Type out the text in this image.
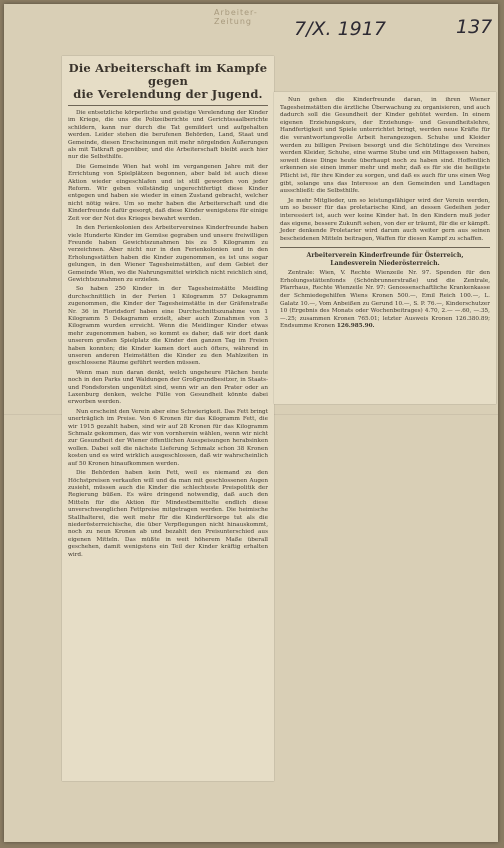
Arbeiter-Zeitung	7/X. 1917	137
Die Arbeiterschaft im Kampfe gegen
die Verelendung der Jugend.

Die entsetzliche körperliche und geistige Verelendung der Kinder im Kriege, die uns die Polizeiberichte und Gerichtssaalberichte schildern, kann nur durch die Tat gemildert und aufgehalten werden. Leider stehen die berufenen Behörden, Land, Staat und Gemeinde, diesen Erscheinungen mit mehr nörgelnden Äußerungen als mit Tatkraft gegenüber, und die Arbeiterschaft bleibt auch hier nur die Selbsthilfe.

Die Gemeinde Wien hat wohl im vergangenen Jahre mit der Errichtung von Spielplätzen begonnen, aber bald ist auch diese Aktion wieder eingeschlafen und ist still geworden von jeder Reform. Wir geben vollständig ungerechtfertigt diese Kinder entgegen und haben sie wieder in einen Zustand gebracht, welcher nicht nötig wäre. Um so mehr haben die Arbeiterschaft und die Kinderfreunde dafür gesorgt, daß diese Kinder wenigstens für einige Zeit vor der Not des Krieges bewahrt werden.

In den Ferienkolonien des Arbeitervereines Kinderfreunde haben viele Hunderte Kinder im Gemüse gegraben und unsere freiwilligen Freunde haben Gewichtszunahmen bis zu 5 Kilogramm zu verzeichnen. Aber nicht nur in den Ferienkolonien und in den Erholungsstätten haben die Kinder zugenommen, es ist uns sogar gelungen, in den Wiener Tagesheimstätten, auf dem Gebiet der Gemeinde Wien, wo die Nahrungsmittel wirklich nicht reichlich sind, Gewichtszunahmen zu erzielen.

So haben 250 Kinder in der Tagesheimstätte Meidling durchschnittlich in der Ferien 1 Kilogramm 57 Dekagramm zugenommen, die Kinder der Tagesheimstätte in der Gräfenstraße Nr. 36 in Floridsdorf haben eine Durchschnittszunahme von 1 Kilogramm 5 Dekagramm erzielt, aber auch Zunahmen von 3 Kilogramm wurden erreicht. Wenn die Meidlinger Kinder etwas mehr zugenommen haben, so kommt es daher, daß wir dort dank unserem großen Spielplatz die Kinder den ganzen Tag im Freien haben konnten; die Kinder kamen dort auch öfters, während in unseren anderen Heimstätten die Kinder zu den Mahlzeiten in geschlossene Räume geführt werden müssen.

Wenn man nun daran denkt, welch ungeheure Flächen heute noch in den Parks und Waldungen der Großgrundbesitzer, in Staats- und Fondsforsten ungenützt sind, wenn wir an den Prater oder an Laxenburg denken, welche Fülle von Gesundheit könnte dabei erworben werden.

Nun erscheint den Verein aber eine Schwierigkeit. Das Fett bringt unerträglich im Preise. Von 6 Kronen für das Kilogramm Fett, die wir 1915 gezahlt haben, sind wir auf 28 Kronen für das Kilogramm Schmalz gekommen, das wir von vornherein wählen, wenn wir nicht zur Gesundheit der Wiener öffentlichen Ausspeisungen herabsinken wollen. Dabei soll die nächste Lieferung Schmalz schon 38 Kronen kosten und es wird wirklich ausgeschlossen, daß wir wahrscheinlich auf 50 Kronen hinaufkommen werden.

Die Behörden haben kein Fett, weil es niemand zu den Höchstpreisen verkaufen will und da man mit geschlossenen Augen zusieht, müssen auch die Kinder die schlechteste Preispolitik der Regierung büßen. Es wäre dringend notwendig, daß auch den Mitteln für die Aktion für Mindestbemittelte endlich diese unverschwenglichen Fettpreise mitgetragen werden. Die heimische Stallhalterei, die weit mehr für die Kinderfürsorge tut als die niederösterreichische, die über Verpflegungen nicht hinauskommt, noch zu neun Kronen ab und bezahlt den Preisunterschied aus eigenen Mitteln. Das müßte in weit höherem Maße überall geschehen, damit wenigstens ein Teil der Kinder kräftig erhalten wird.

Nun gehen die Kinderfreunde daran, in ihren Wiener Tagesheimstätten die ärztliche Überwachung zu organisieren, und auch dadurch soll die Gesundheit der Kinder gehütet werden. In einem eigenen Erziehungskurs, der Erziehungs- und Gesundheitslehre, Handfertigkeit und Spiele unterrichtet bringt, werden neue Kräfte für die verantwortungsvolle Arbeit herangezogen. Schuhe und Kleider werden zu billigen Preisen besorgt und die Schützlinge des Vereines werden Kleider, Schuhe, eine warme Stube und ein Mittagessen haben, soweit diese Dinge heute überhaupt noch zu haben sind. Hoffentlich erkennen sie einen immer mehr und mehr, daß es für sie die heiligste Pflicht ist, für ihre Kinder zu sorgen, und daß es auch für uns einen Weg gibt, solange uns das Interesse an den Gemeinden und Landtagen ausschließt: die Selbsthilfe.

Je mehr Mitglieder, um so leistungsfähiger wird der Verein werden, um so besser für das proletarische Kind, an dessen Gedeihen jeder interessiert ist, auch wer keine Kinder hat. In den Kindern muß jeder das eigene, bessere Zukunft sehen, von der er träumt, für die er kämpft. Jeder denkende Proletarier wird darum auch weiter gern aus seinen bescheidenen Mitteln beitragen, Waffen für diesen Kampf zu schaffen.

Arbeiterverein Kinderfreunde für Österreich,
Landesverein Niederösterreich.
Zentrale: Wien, V. Rechte Wienzeile Nr. 97. Spenden für den Erholungsstättenfonds (Schönbrunnerstraße) und die Zentrale, Pfarrhaus, Rechte Wienzeile Nr. 97: Genossenschaftliche Krankenkasse der Schmiedegehilfen Wiens Kronen 500.—, Emil Reich 100.—, L. Galatz 10.—, Vom Anbeißen zu Gerund 10.—, S. P. 76.—, Kinderschutzer 10 (Ergebnis des Monats oder Wochenbeitrages) 4.70, 2.— —.60, —.35, —.25; zusammen Kronen 765.01; letzter Ausweis Kronen 126.380.89; Endsumme Kronen 126.985.90.
